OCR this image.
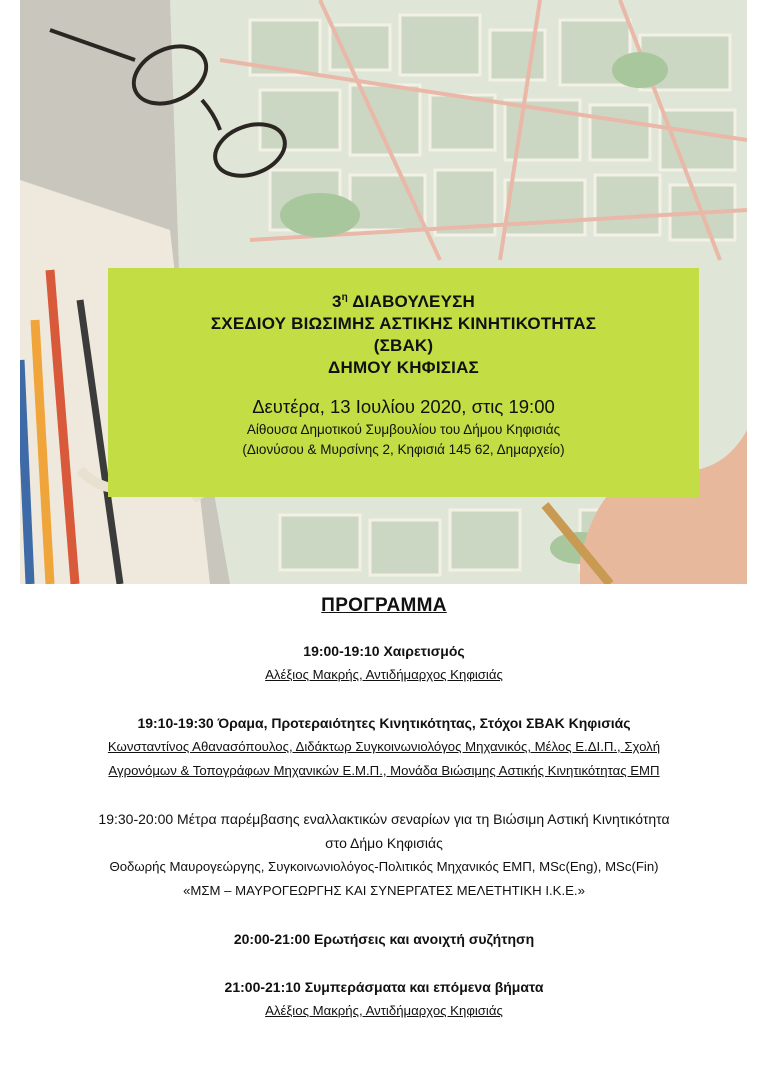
$3^\eta$ ΔΙΑΒΟΥΛΕΥΣΗ
ΣΧΕΔΙΟΥ ΒΙΩΣΙΜΗΣ ΑΣΤΙΚΗΣ ΚΙΝΗΤΙΚΟΤΗΤΑΣ
(ΣΒΑΚ)
ΔΗΜΟΥ ΚΗΦΙΣΙΑΣ
Δευτέρα, 13 Ιουλίου 2020, στις 19:00
Αίθουσα Δημοτικού Συμβουλίου του Δήμου Κηφισιάς
(Διονύσου & Μυρσίνης 2, Κηφισιά 145 62, Δημαρχείο)
ΠΡΟΓΡΑΜΜΑ
19:00-19:10 Χαιρετισμός
Αλέξιος Μακρής, Αντιδήμαρχος Κηφισιάς
19:10-19:30 Όραμα, Προτεραιότητες Κινητικότητας, Στόχοι ΣΒΑΚ Κηφισιάς
Κωνσταντίνος Αθανασόπουλος, Διδάκτωρ Συγκοινωνιολόγος Μηχανικός, Μέλος Ε.ΔΙ.Π., Σχολή
Αγρονόμων & Τοπογράφων Μηχανικών Ε.Μ.Π., Μονάδα Βιώσιμης Αστικής Κινητικότητας ΕΜΠ
19:30-20:00 Μέτρα παρέμβασης εναλλακτικών σεναρίων για τη Βιώσιμη Αστική Κινητικότητα
στο Δήμο Κηφισιάς
Θοδωρής Μαυρογεώργης, Συγκοινωνιολόγος-Πολιτικός Μηχανικός ΕΜΠ, MSc(Eng), MSc(Fin)
«ΜΣΜ – ΜΑΥΡΟΓΕΩΡΓΗΣ ΚΑΙ ΣΥΝΕΡΓΑΤΕΣ ΜΕΛΕΤΗΤΙΚΗ Ι.Κ.Ε.»
20:00-21:00 Ερωτήσεις και ανοιχτή συζήτηση
21:00-21:10 Συμπεράσματα και επόμενα βήματα
Αλέξιος Μακρής, Αντιδήμαρχος Κηφισιάς
